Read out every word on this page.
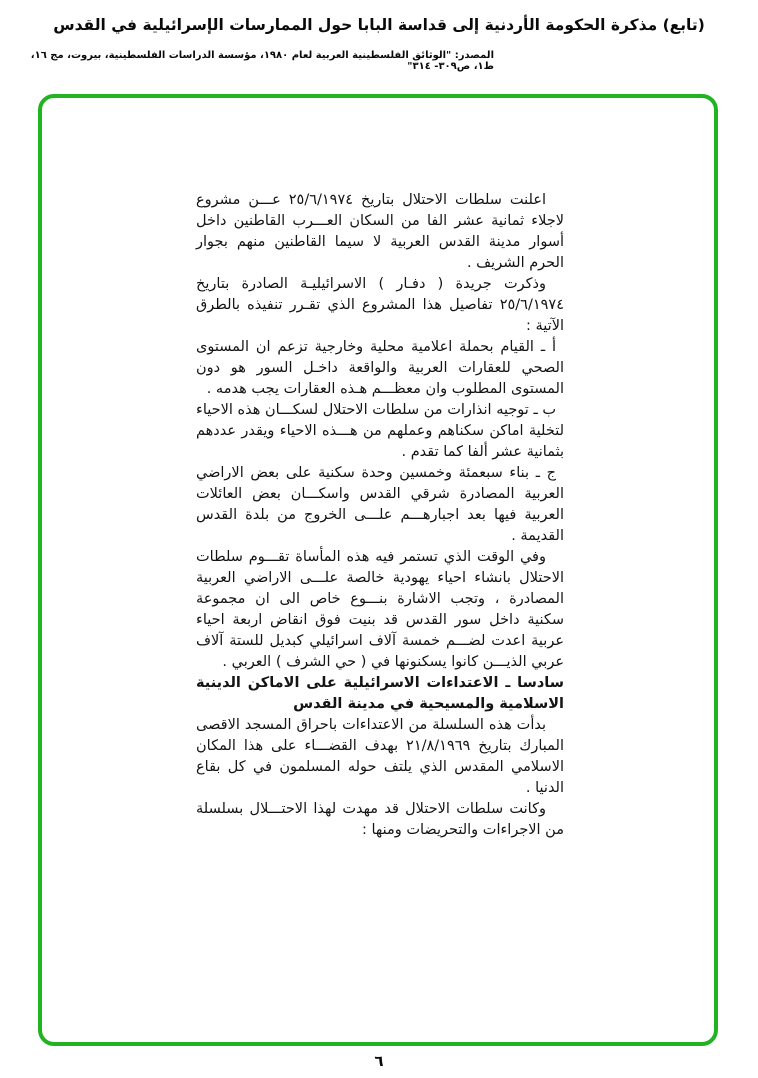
(تابع) مذكرة الحكومة الأردنية إلى قداسة البابا حول الممارسات الإسرائيلية في القدس
المصدر: "الوثائق الفلسطينية العربية لعام ١٩٨٠، مؤسسة الدراسات الفلسطينية، بيروت، مج ١٦، ط١، ص٣٠٩- ٣١٤"

اعلنت سلطات الاحتلال بتاريخ ٢٥/٦/١٩٧٤ عـــن مشروع لاجلاء ثمانية عشر الفا من السكان العـــرب القاطنين داخل أسوار مدينة القدس العربية لا سيما القاطنين منهم بجوار الحرم الشريف .

وذكرت جريدة ( دفـار ) الاسرائيليـة الصادرة بتاريخ ٢٥/٦/١٩٧٤ تفاصيل هذا المشروع الذي تقـرر تنفيذه بالطرق الآتية :

أ ـ القيام بحملة اعلامية محلية وخارجية تزعم ان المستوى الصحي للعقارات العربية والواقعة داخـل السور هو دون المستوى المطلوب وان معظـــم هـذه العقارات يجب هدمه .

ب ـ توجيه انذارات من سلطات الاحتلال لسكـــان هذه الاحياء لتخلية اماكن سكناهم وعملهم من هـــذه الاحياء ويقدر عددهم بثمانية عشر ألفا كما تقدم .

ج ـ بناء سبعمئة وخمسين وحدة سكنية على بعض الاراضي العربية المصادرة شرقي القدس واسكـــان بعض العائلات العربية فيها بعد اجبارهـــم علـــى الخروج من بلدة القدس القديمة .

وفي الوقت الذي تستمر فيه هذه المأساة تقـــوم سلطات الاحتلال بانشاء احياء يهودية خالصة علـــى الاراضي العربية المصادرة ، وتجب الاشارة بنـــوع خاص الى ان مجموعة سكنية داخل سور القدس قد بنيت فوق انقاض اربعة احياء عربية اعدت لضـــم خمسة آلاف اسرائيلي كبديل للستة آلاف عربي الذيـــن كانوا يسكنونها في ( حي الشرف ) العربي .

سادسا ـ الاعتداءات الاسرائيلية على الاماكن الدينية الاسلامية والمسيحية في مدينة القدس

بدأت هذه السلسلة من الاعتداءات باحراق المسجد الاقصى المبارك بتاريخ ٢١/٨/١٩٦٩ بهدف القضـــاء على هذا المكان الاسلامي المقدس الذي يلتف حوله المسلمون في كل بقاع الدنيا .

وكانت سلطات الاحتلال قد مهدت لهذا الاحتـــلال بسلسلة من الاجراءات والتحريضات ومنها :

٦
